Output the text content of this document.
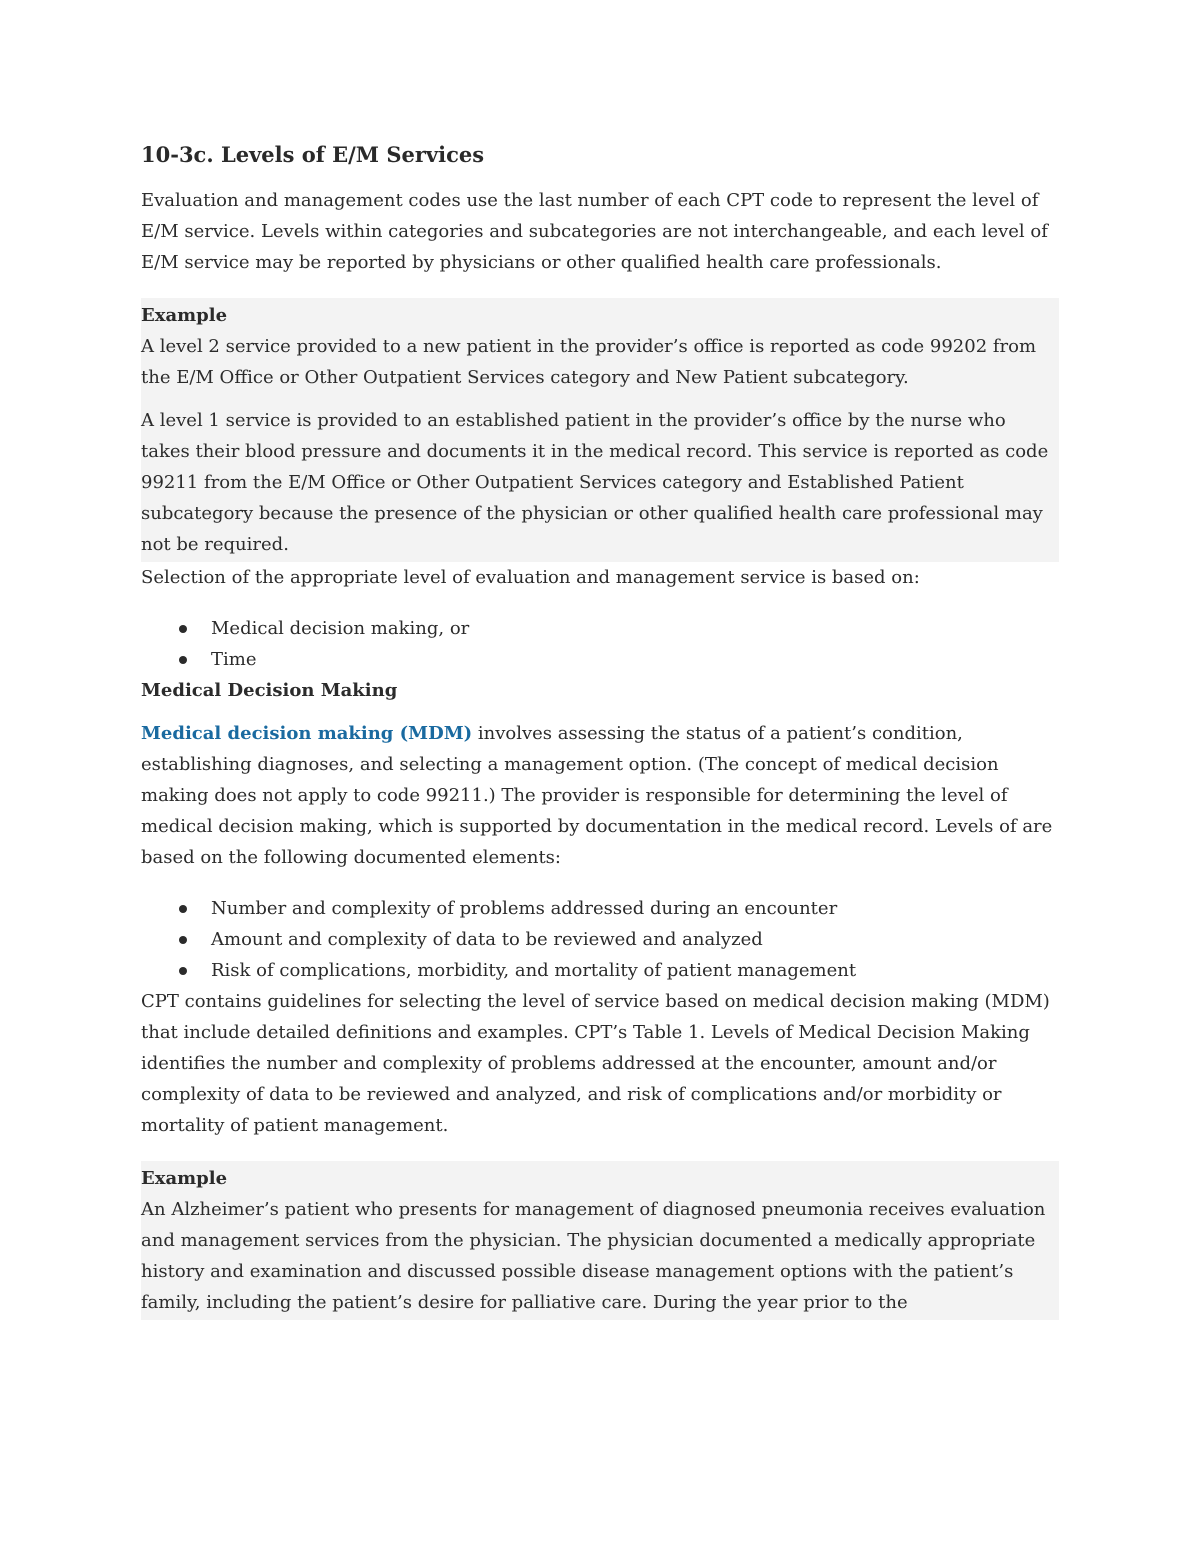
10-3c. Levels of E/M Services

Evaluation and management codes use the last number of each CPT code to represent the level of E/M service. Levels within categories and subcategories are not interchangeable, and each level of E/M service may be reported by physicians or other qualified health care professionals.

Example

A level 2 service provided to a new patient in the provider’s office is reported as code 99202 from the E/M Office or Other Outpatient Services category and New Patient subcategory.

A level 1 service is provided to an established patient in the provider’s office by the nurse who takes their blood pressure and documents it in the medical record. This service is reported as code 99211 from the E/M Office or Other Outpatient Services category and Established Patient subcategory because the presence of the physician or other qualified health care professional may not be required.

Selection of the appropriate level of evaluation and management service is based on:

Medical decision making, or
Time
Medical Decision Making

Medical decision making (MDM) involves assessing the status of a patient’s condition, establishing diagnoses, and selecting a management option. (The concept of medical decision making does not apply to code 99211.) The provider is responsible for determining the level of medical decision making, which is supported by documentation in the medical record. Levels of are based on the following documented elements:

Number and complexity of problems addressed during an encounter
Amount and complexity of data to be reviewed and analyzed
Risk of complications, morbidity, and mortality of patient management

CPT contains guidelines for selecting the level of service based on medical decision making (MDM) that include detailed definitions and examples. CPT’s Table 1. Levels of Medical Decision Making identifies the number and complexity of problems addressed at the encounter, amount and/or complexity of data to be reviewed and analyzed, and risk of complications and/or morbidity or mortality of patient management.

Example

An Alzheimer’s patient who presents for management of diagnosed pneumonia receives evaluation and management services from the physician. The physician documented a medically appropriate history and examination and discussed possible disease management options with the patient’s family, including the patient’s desire for palliative care. During the year prior to the
